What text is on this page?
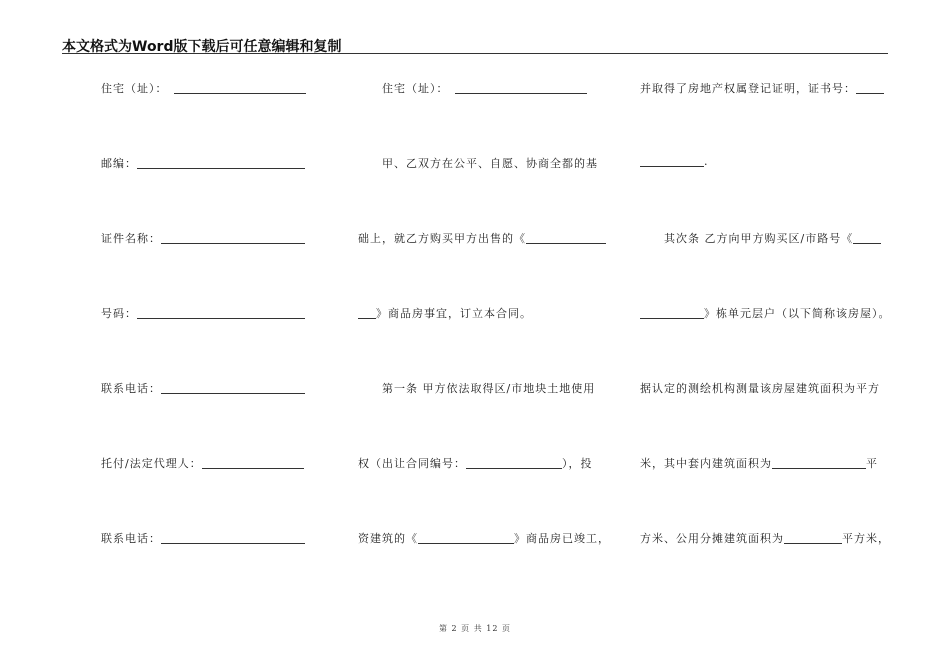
本文格式为Word版下载后可任意编辑和复制
住宅（址）：
邮编：
证件名称：
号码：
联系电话：
托付/法定代理人：
联系电话：
住宅（址）：
甲、乙双方在公平、自愿、协商全都的基
础上，就乙方购买甲方出售的《
》商品房事宜，订立本合同。
第一条 甲方依法取得区/市地块土地使用
权（出让合同编号：	），投
资建筑的《	》商品房已竣工，
并取得了房地产权属登记证明，证书号：
.
其次条 乙方向甲方购买区/市路号《
》栋单元层户（以下简称该房屋）。
据认定的测绘机构测量该房屋建筑面积为平方
米，其中套内建筑面积为	平
方米、公用分摊建筑面积为	平方米，
第 2 页 共 12 页
